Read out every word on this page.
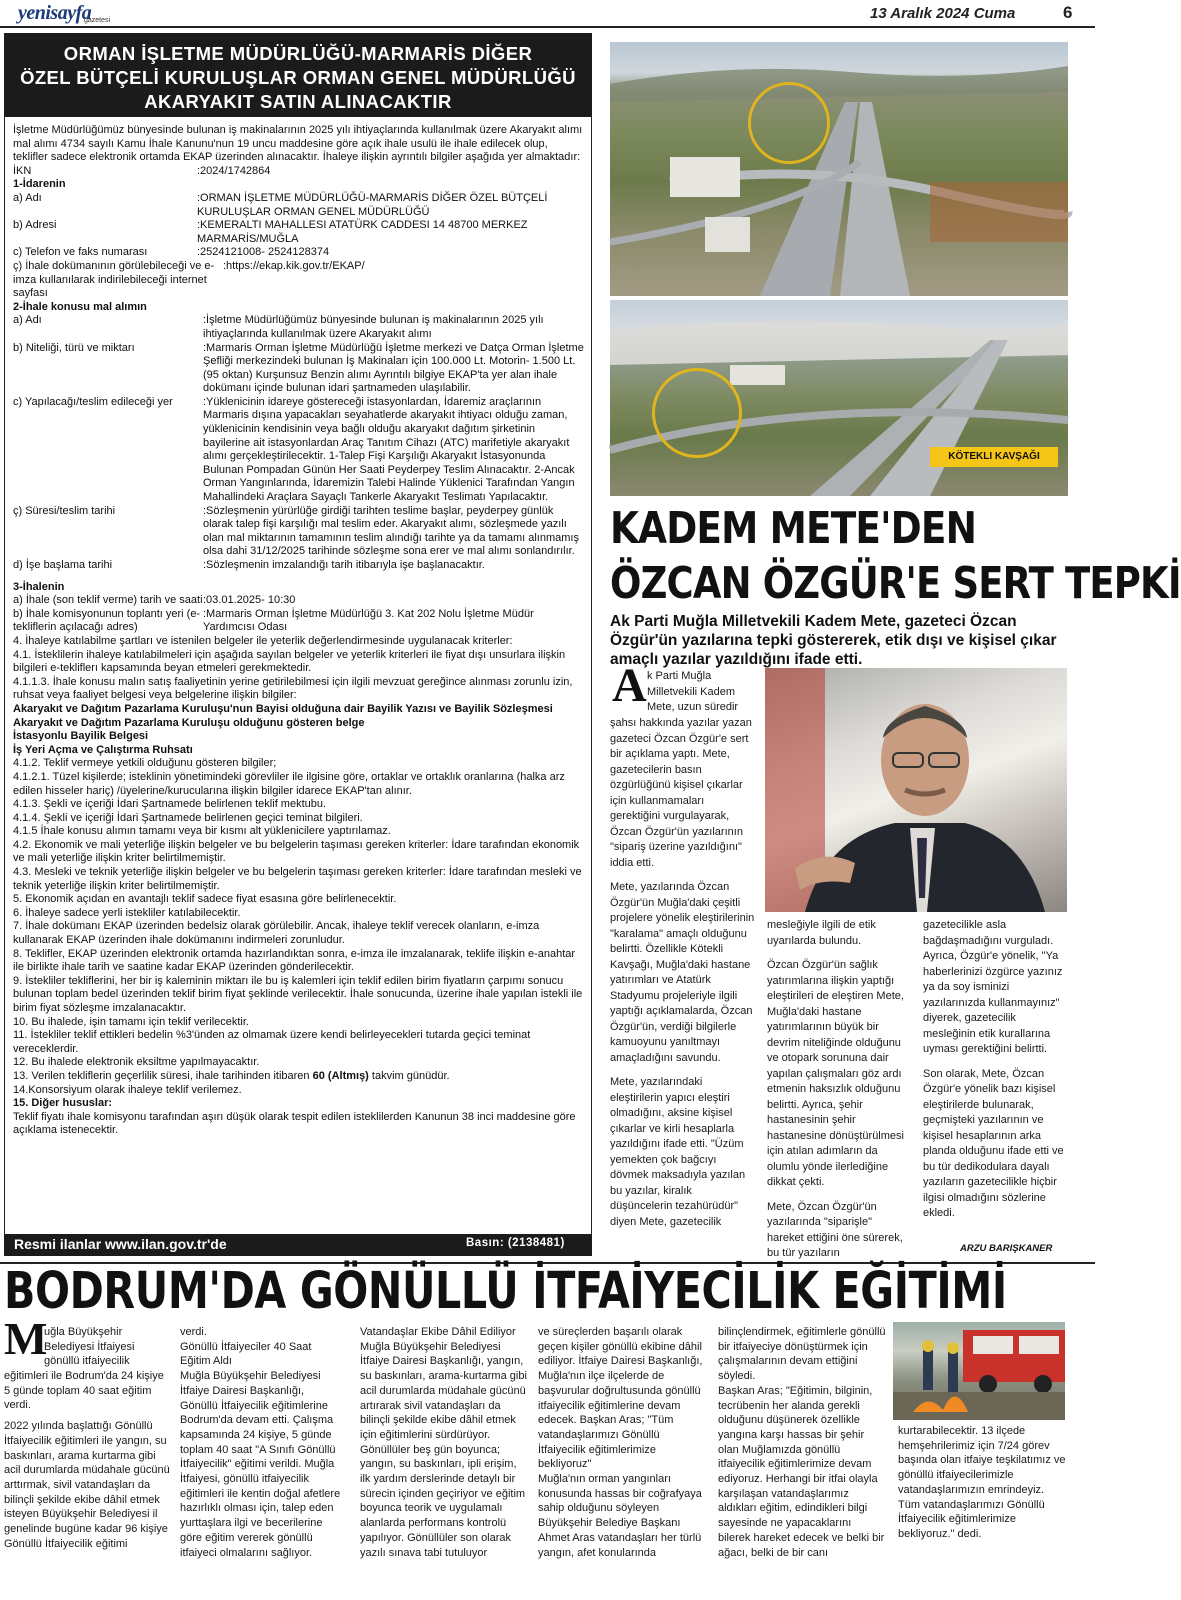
yenisayfa
gazetesi	13 Aralık 2024 Cuma	6
ORMAN İŞLETME MÜDÜRLÜĞÜ-MARMARİS DİĞER
ÖZEL BÜTÇELİ KURULUŞLAR ORMAN GENEL MÜDÜRLÜĞÜ
AKARYAKIT SATIN ALINACAKTIR

İşletme Müdürlüğümüz bünyesinde bulunan iş makinalarının 2025 yılı ihtiyaçlarında kullanılmak üzere Akaryakıt alımı mal alımı 4734 sayılı Kamu İhale Kanunu'nun 19 uncu maddesine göre açık ihale usulü ile ihale edilecek olup, teklifler sadece elektronik ortamda EKAP üzerinden alınacaktır. İhaleye ilişkin ayrıntılı bilgiler aşağıda yer almaktadır:

İKN	:2024/1742864

1-İdarenin

a) Adı	:ORMAN İŞLETME MÜDÜRLÜĞÜ-MARMARİS DİĞER ÖZEL BÜTÇELİ KURULUŞLAR ORMAN GENEL MÜDÜRLÜĞÜ
b) Adresi	:KEMERALTI MAHALLESI ATATÜRK CADDESI 14 48700 MERKEZ MARMARİS/MUĞLA
c) Telefon ve faks numarası	:2524121008- 2524128374
ç) İhale dokümanının görülebileceği ve e-imza kullanılarak indirilebileceği internet sayfası
:https://ekap.kik.gov.tr/EKAP/

2-İhale konusu mal alımın

a) Adı	:İşletme Müdürlüğümüz bünyesinde bulunan iş makinalarının 2025 yılı ihtiyaçlarında kullanılmak üzere Akaryakıt alımı
b) Niteliği, türü ve miktarı	:Marmaris Orman İşletme Müdürlüğü İşletme merkezi ve Datça Orman İşletme Şefliği merkezindeki bulunan İş Makinaları için 100.000 Lt. Motorin- 1.500 Lt. (95 oktan) Kurşunsuz Benzin alımı Ayrıntılı bilgiye EKAP'ta yer alan ihale dokümanı içinde bulunan idari şartnameden ulaşılabilir.
c) Yapılacağı/teslim edileceği yer	:Yüklenicinin idareye göstereceği istasyonlardan, İdaremiz araçlarının Marmaris dışına yapacakları seyahatlerde akaryakıt ihtiyacı olduğu zaman, yüklenicinin kendisinin veya bağlı olduğu akaryakıt dağıtım şirketinin bayilerine ait istasyonlardan Araç Tanıtım Cihazı (ATC) marifetiyle akaryakıt alımı gerçekleştirilecektir. 1-Talep Fişi Karşılığı Akaryakıt İstasyonunda Bulunan Pompadan Günün Her Saati Peyderpey Teslim Alınacaktır. 2-Ancak Orman Yangınlarında, İdaremizin Talebi Halinde Yüklenici Tarafından Yangın Mahallindeki Araçlara Sayaçlı Tankerle Akaryakıt Teslimatı Yapılacaktır.
ç) Süresi/teslim tarihi	:Sözleşmenin yürürlüğe girdiği tarihten teslime başlar, peyderpey günlük olarak talep fişi karşılığı mal teslim eder. Akaryakıt alımı, sözleşmede yazılı olan mal miktarının tamamının teslim alındığı tarihte ya da tamamı alınmamış olsa dahi 31/12/2025 tarihinde sözleşme sona erer ve mal alımı sonlandırılır.
d) İşe başlama tarihi	:Sözleşmenin imzalandığı tarih itibarıyla işe başlanacaktır.

3-İhalenin

a) İhale (son teklif verme) tarih ve saati :03.01.2025- 10:30
b) İhale komisyonunun toplantı yeri (e-tekliflerin açılacağı adres)
:Marmaris Orman İşletme Müdürlüğü 3. Kat 202 Nolu İşletme Müdür Yardımcısı Odası

4. İhaleye katılabilme şartları ve istenilen belgeler ile yeterlik değerlendirmesinde uygulanacak kriterler:

4.1. İsteklilerin ihaleye katılabilmeleri için aşağıda sayılan belgeler ve yeterlik kriterleri ile fiyat dışı unsurlara ilişkin bilgileri e-tekliflerı kapsamında beyan etmeleri gerekmektedir.

4.1.1.3. İhale konusu malın satış faaliyetinin yerine getirilebilmesi için ilgili mevzuat gereğince alınması zorunlu izin, ruhsat veya faaliyet belgesi veya belgelerine ilişkin bilgiler:

Akaryakıt ve Dağıtım Pazarlama Kuruluşu'nun Bayisi olduğuna dair Bayilik Yazısı ve Bayilik Sözleşmesi

Akaryakıt ve Dağıtım Pazarlama Kuruluşu olduğunu gösteren belge

İstasyonlu Bayilik Belgesi

İş Yeri Açma ve Çalıştırma Ruhsatı

4.1.2. Teklif vermeye yetkili olduğunu gösteren bilgiler;

4.1.2.1. Tüzel kişilerde; isteklinin yönetimindeki görevliler ile ilgisine göre, ortaklar ve ortaklık oranlarına (halka arz edilen hisseler hariç) /üyelerine/kurucularına ilişkin bilgiler idarece EKAP'tan alınır.

4.1.3. Şekli ve içeriği İdari Şartnamede belirlenen teklif mektubu.

4.1.4. Şekli ve içeriği İdari Şartnamede belirlenen geçici teminat bilgileri.

4.1.5 İhale konusu alımın tamamı veya bir kısmı alt yüklenicilere yaptırılamaz.

4.2. Ekonomik ve mali yeterliğe ilişkin belgeler ve bu belgelerin taşıması gereken kriterler: İdare tarafından ekonomik ve mali yeterliğe ilişkin kriter belirtilmemiştir.

4.3. Mesleki ve teknik yeterliğe ilişkin belgeler ve bu belgelerin taşıması gereken kriterler: İdare tarafından mesleki ve teknik yeterliğe ilişkin kriter belirtilmemiştir.

5. Ekonomik açıdan en avantajlı teklif sadece fiyat esasına göre belirlenecektir.

6. İhaleye sadece yerli istekliler katılabilecektir.

7. İhale dokümanı EKAP üzerinden bedelsiz olarak görülebilir. Ancak, ihaleye teklif verecek olanların, e-imza kullanarak EKAP üzerinden ihale dokümanını indirmeleri zorunludur.

8. Teklifler, EKAP üzerinden elektronik ortamda hazırlandıktan sonra, e-imza ile imzalanarak, teklife ilişkin e-anahtar ile birlikte ihale tarih ve saatine kadar EKAP üzerinden gönderilecektir.

9. İstekliler tekliflerini, her bir iş kaleminin miktarı ile bu iş kalemleri için teklif edilen birim fiyatların çarpımı sonucu bulunan toplam bedel üzerinden teklif birim fiyat şeklinde verilecektir. İhale sonucunda, üzerine ihale yapılan istekli ile birim fiyat sözleşme imzalanacaktır.

10. Bu ihalede, işin tamamı için teklif verilecektir.

11. İstekliler teklif ettikleri bedelin %3'ünden az olmamak üzere kendi belirleyecekleri tutarda geçici teminat vereceklerdir.

12. Bu ihalede elektronik eksiltme yapılmayacaktır.

13. Verilen tekliflerin geçerlilik süresi, ihale tarihinden itibaren 60 (Altmış) takvim günüdür.

14.Konsorsiyum olarak ihaleye teklif verilemez.

15. Diğer hususlar:

Teklif fiyatı ihale komisyonu tarafından aşırı düşük olarak tespit edilen isteklilerden Kanunun 38 inci maddesine göre açıklama istenecektir.

Resmi ilanlar www.ilan.gov.tr'de	Basın: (2138481)
KÖTEKLI KAVŞAĞI
KADEM METE'DEN
ÖZCAN ÖZGÜR'E SERT TEPKİ
Ak Parti Muğla Milletvekili Kadem Mete, gazeteci Özcan Özgür'ün yazılarına tepki göstererek, etik dışı ve kişisel çıkar amaçlı yazılar yazıldığını ifade etti.
A k Parti Muğla Milletvekili Kadem Mete, uzun süredir

şahsı hakkında yazılar yazan gazeteci Özcan Özgür'e sert bir açıklama yaptı. Mete, gazetecilerin basın özgürlüğünü kişisel çıkarlar için kullanmamaları gerektiğini vurgulayarak, Özcan Özgür'ün yazılarının "sipariş üzerine yazıldığını" iddia etti.

Mete, yazılarında Özcan Özgür'ün Muğla'daki çeşitli projelere yönelik eleştirilerinin "karalama" amaçlı olduğunu belirtti. Özellikle Kötekli Kavşağı, Muğla'daki hastane yatırımları ve Atatürk Stadyumu projeleriyle ilgili yaptığı açıklamalarda, Özcan Özgür'ün, verdiği bilgilerle kamuoyunu yanıltmayı amaçladığını savundu.

Mete, yazılarındaki eleştirilerin yapıcı eleştiri olmadığını, aksine kişisel çıkarlar ve kirli hesaplarla yazıldığını ifade etti. "Üzüm yemekten çok bağcıyı dövmek maksadıyla yazılan bu yazılar, kiralık düşüncelerin tezahürüdür" diyen Mete, gazetecilik

mesleğiyle ilgili de etik uyarılarda bulundu.

Özcan Özgür'ün sağlık yatırımlarına ilişkin yaptığı eleştirileri de eleştiren Mete, Muğla'daki hastane yatırımlarının büyük bir devrim niteliğinde olduğunu ve otopark sorununa dair yapılan çalışmaları göz ardı etmenin haksızlık olduğunu belirtti. Ayrıca, şehir hastanesinin şehir hastanesine dönüştürülmesi için atılan adımların da olumlu yönde ilerlediğine dikkat çekti.

Mete, Özcan Özgür'ün yazılarında "siparişle" hareket ettiğini öne sürerek, bu tür yazıların

gazetecilikle asla bağdaşmadığını vurguladı. Ayrıca, Özgür'e yönelik, "Ya haberlerinizi özgürce yazınız ya da soy isminizi yazılarınızda kullanmayınız" diyerek, gazetecilik mesleğinin etik kurallarına uyması gerektiğini belirtti.

Son olarak, Mete, Özcan Özgür'e yönelik bazı kişisel eleştirilerde bulunarak, geçmişteki yazılarının ve kişisel hesaplarının arka planda olduğunu ifade etti ve bu tür dedikodulara dayalı yazıların gazetecilikle hiçbir ilgisi olmadığını sözlerine ekledi.

ARZU BARIŞKANER
BODRUM'DA GÖNÜLLÜ İTFAİYECİLİK EĞİTİMİ
M

uğla Büyükşehir Belediyesi İtfaiyesi gönüllü itfaiyecilik

eğitimleri ile Bodrum'da 24 kişiye 5 günde toplam 40 saat eğitim verdi.

2022 yılında başlattığı Gönüllü İtfaiyecilik eğitimleri ile yangın, su baskınları, arama kurtarma gibi acil durumlarda müdahale gücünü arttırmak, sivil vatandaşları da bilinçli şekilde ekibe dâhil etmek isteyen Büyükşehir Belediyesi il genelinde bugüne kadar 96 kişiye Gönüllü İtfaiyecilik eğitimi

verdi.

Gönüllü İtfaiyeciler 40 Saat Eğitim Aldı

Muğla Büyükşehir Belediyesi İtfaiye Dairesi Başkanlığı, Gönüllü İtfaiyecilik eğitimlerine Bodrum'da devam etti. Çalışma kapsamında 24 kişiye, 5 günde toplam 40 saat "A Sınıfı Gönüllü İtfaiyecilik" eğitimi verildi. Muğla İtfaiyesi, gönüllü itfaiyecilik eğitimleri ile kentin doğal afetlere hazırlıklı olması için, talep eden yurttaşlara ilgi ve becerilerine göre eğitim vererek gönüllü itfaiyeci olmalarını sağlıyor.

Vatandaşlar Ekibe Dâhil Ediliyor

Muğla Büyükşehir Belediyesi İtfaiye Dairesi Başkanlığı, yangın, su baskınları, arama-kurtarma gibi acil durumlarda müdahale gücünü artırarak sivil vatandaşları da bilinçli şekilde ekibe dâhil etmek için eğitimlerini sürdürüyor. Gönüllüler beş gün boyunca; yangın, su baskınları, ipli erişim, ilk yardım derslerinde detaylı bir sürecin içinden geçiriyor ve eğitim boyunca teorik ve uygulamalı alanlarda performans kontrolü yapılıyor. Gönüllüler son olarak yazılı sınava tabi tutuluyor

ve süreçlerden başarılı olarak geçen kişiler gönüllü ekibine dâhil ediliyor. İtfaiye Dairesi Başkanlığı, Muğla'nın ilçe ilçelerde de başvurular doğrultusunda gönüllü itfaiyecilik eğitimlerine devam edecek. Başkan Aras; "Tüm vatandaşlarımızı Gönüllü İtfaiyecilik eğitimlerimize bekliyoruz"

Muğla'nın orman yangınları konusunda hassas bir coğrafyaya sahip olduğunu söyleyen Büyükşehir Belediye Başkanı Ahmet Aras vatandaşları her türlü yangın, afet konularında

bilinçlendirmek, eğitimlerle gönüllü bir itfaiyeciye dönüştürmek için çalışmalarının devam ettiğini söyledi.

Başkan Aras; "Eğitimin, bilginin, tecrübenin her alanda gerekli olduğunu düşünerek özellikle yangına karşı hassas bir şehir olan Muğlamızda gönüllü itfaiyecilik eğitimlerimize devam ediyoruz. Herhangi bir itfai olayla karşılaşan vatandaşlarımız aldıkları eğitim, edindikleri bilgi sayesinde ne yapacaklarını bilerek hareket edecek ve belki bir ağacı, belki de bir canı

kurtarabilecektir. 13 ilçede hemşehrilerimiz için 7/24 görev başında olan itfaiye teşkilatımız ve gönüllü itfaiyecilerimizle vatandaşlarımızın emrindeyiz. Tüm vatandaşlarımızı Gönüllü İtfaiyecilik eğitimlerimize bekliyoruz." dedi.
